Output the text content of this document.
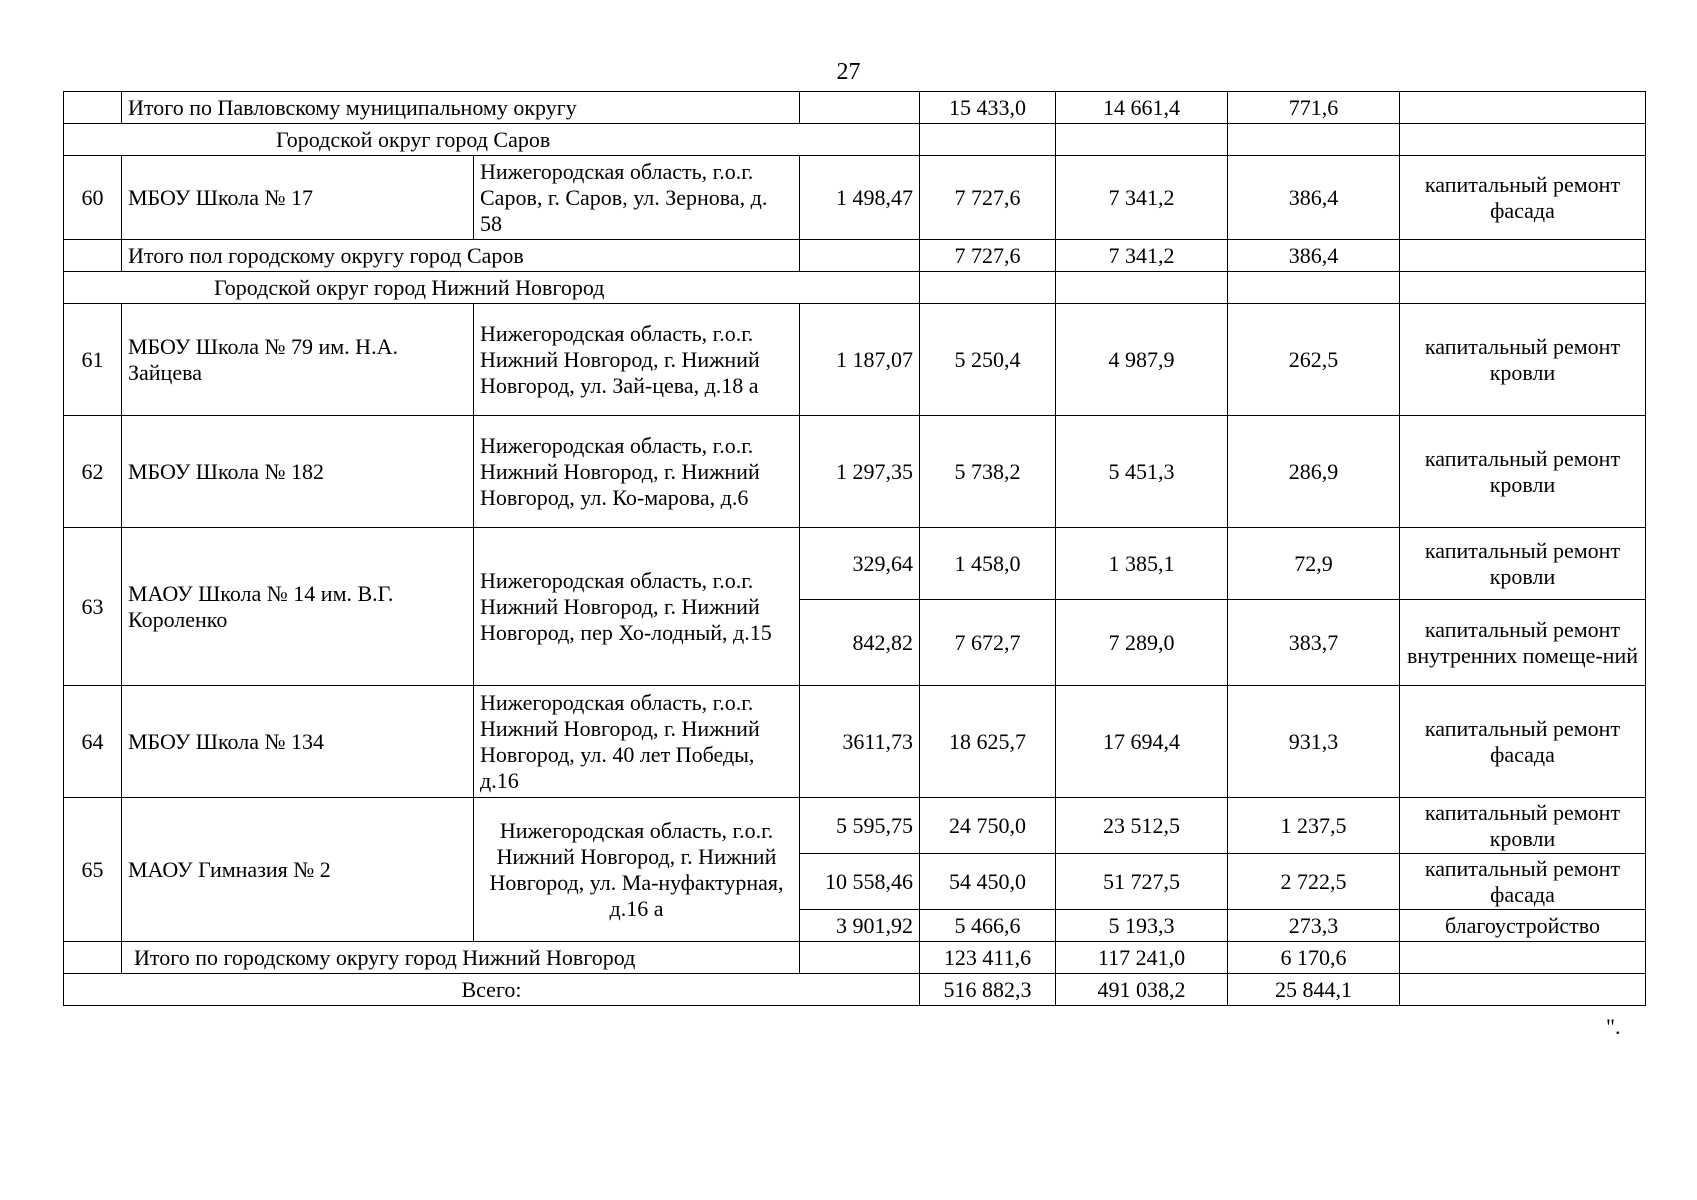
27
	Итого по Павловскому муниципальному округу			15 433,0	14 661,4	771,6	
Городской округ город Саров							
60	МБОУ Школа № 17	Нижегородская область, г.о.г. Саров, г. Саров, ул. Зернова, д. 58	1 498,47	7 727,6	7 341,2	386,4	капитальный ремонт фасада
	Итого пол городскому округу город Саров			7 727,6	7 341,2	386,4	
Городской округ город Нижний Новгород							
61	МБОУ Школа № 79 им. Н.А. Зайцева	Нижегородская область, г.о.г. Нижний Новгород, г. Нижний Новгород, ул. Зай-цева, д.18 а	1 187,07	5 250,4	4 987,9	262,5	капитальный ремонт кровли
62	МБОУ Школа № 182	Нижегородская область, г.о.г. Нижний Новгород, г. Нижний Новгород, ул. Ко-марова, д.6	1 297,35	5 738,2	5 451,3	286,9	капитальный ремонт кровли
63	МАОУ Школа № 14 им. В.Г. Короленко	Нижегородская область, г.о.г. Нижний Новгород, г. Нижний Новгород, пер Хо-лодный, д.15	329,64	1 458,0	1 385,1	72,9	капитальный ремонт кровли
			842,82	7 672,7	7 289,0	383,7	капитальный ремонт внутренних помеще-ний
64	МБОУ Школа № 134	Нижегородская область, г.о.г. Нижний Новгород, г. Нижний Новгород, ул. 40 лет Победы, д.16	3611,73	18 625,7	17 694,4	931,3	капитальный ремонт фасада
65	МАОУ Гимназия № 2	Нижегородская область, г.о.г. Нижний Новгород, г. Нижний Новгород, ул. Ма-нуфактурная, д.16 а	5 595,75	24 750,0	23 512,5	1 237,5	капитальный ремонт кровли
			10 558,46	54 450,0	51 727,5	2 722,5	капитальный ремонт фасада
			3 901,92	5 466,6	5 193,3	273,3	благоустройство
	Итого по городскому округу город Нижний Новгород			123 411,6	117 241,0	6 170,6	
Всего:				516 882,3	491 038,2	25 844,1	
".
